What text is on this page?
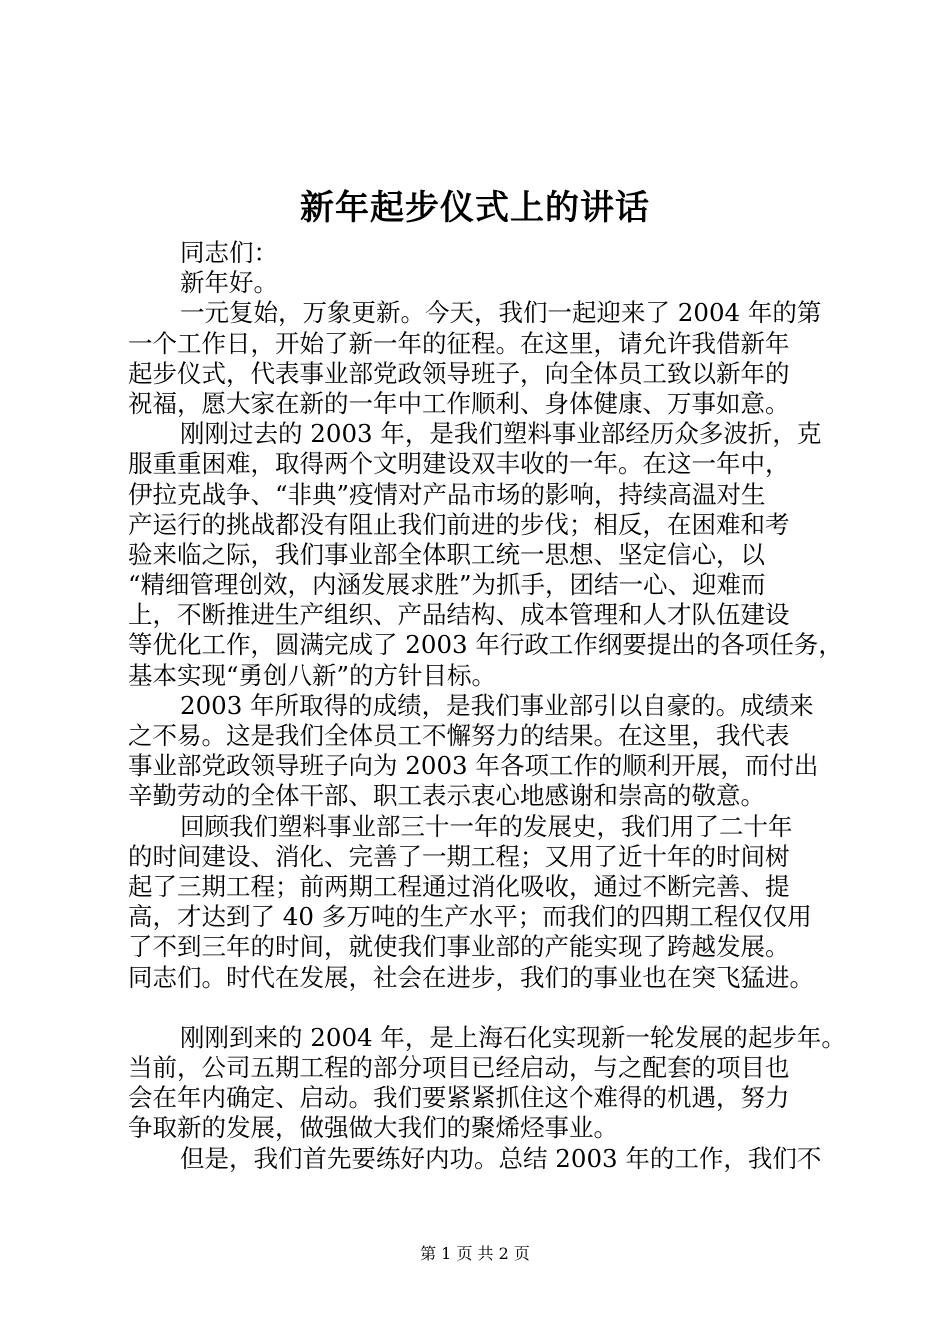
新年起步仪式上的讲话
同志们：
新年好。
一元复始，万象更新。今天，我们一起迎来了 2004 年的第
一个工作日，开始了新一年的征程。在这里，请允许我借新年
起步仪式，代表事业部党政领导班子，向全体员工致以新年的
祝福，愿大家在新的一年中工作顺利、身体健康、万事如意。
刚刚过去的 2003 年，是我们塑料事业部经历众多波折，克
服重重困难，取得两个文明建设双丰收的一年。在这一年中，
伊拉克战争、“非典”疫情对产品市场的影响，持续高温对生
产运行的挑战都没有阻止我们前进的步伐；相反，在困难和考
验来临之际，我们事业部全体职工统一思想、坚定信心，以
“精细管理创效，内涵发展求胜”为抓手，团结一心、迎难而
上，不断推进生产组织、产品结构、成本管理和人才队伍建设
等优化工作，圆满完成了 2003 年行政工作纲要提出的各项任务，
基本实现“勇创八新”的方针目标。
2003 年所取得的成绩，是我们事业部引以自豪的。成绩来
之不易。这是我们全体员工不懈努力的结果。在这里，我代表
事业部党政领导班子向为 2003 年各项工作的顺利开展，而付出
辛勤劳动的全体干部、职工表示衷心地感谢和崇高的敬意。
回顾我们塑料事业部三十一年的发展史，我们用了二十年
的时间建设、消化、完善了一期工程；又用了近十年的时间树
起了三期工程；前两期工程通过消化吸收，通过不断完善、提
高，才达到了 40 多万吨的生产水平；而我们的四期工程仅仅用
了不到三年的时间，就使我们事业部的产能实现了跨越发展。
同志们。时代在发展，社会在进步，我们的事业也在突飞猛进。
刚刚到来的 2004 年，是上海石化实现新一轮发展的起步年。
当前，公司五期工程的部分项目已经启动，与之配套的项目也
会在年内确定、启动。我们要紧紧抓住这个难得的机遇，努力
争取新的发展，做强做大我们的聚烯烃事业。
但是，我们首先要练好内功。总结 2003 年的工作，我们不
第 1 页 共 2 页
